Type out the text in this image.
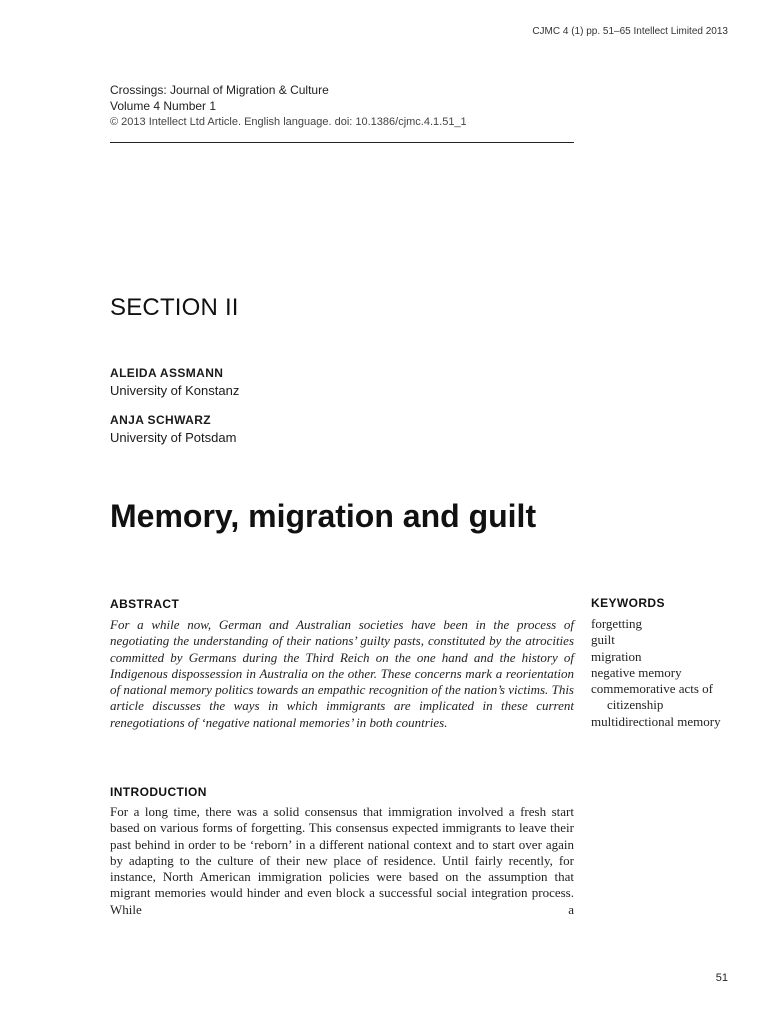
CJMC 4 (1) pp. 51–65 Intellect Limited 2013
Crossings: Journal of Migration & Culture
Volume 4 Number 1
© 2013 Intellect Ltd Article. English language. doi: 10.1386/cjmc.4.1.51_1
SECTION II
ALEIDA ASSMANN
University of Konstanz
ANJA SCHWARZ
University of Potsdam
Memory, migration and guilt
ABSTRACT

For a while now, German and Australian societies have been in the process of negotiating the understanding of their nations’ guilty pasts, constituted by the atrocities committed by Germans during the Third Reich on the one hand and the history of Indigenous dispossession in Australia on the other. These concerns mark a reorientation of national memory politics towards an empathic recognition of the nation’s victims. This article discusses the ways in which immigrants are implicated in these current renegotiations of ‘negative national memories’ in both countries.

KEYWORDS
forgetting
guilt
migration
negative memory
commemorative acts of citizenship
multidirectional memory
INTRODUCTION

For a long time, there was a solid consensus that immigration involved a fresh start based on various forms of forgetting. This consensus expected immigrants to leave their past behind in order to be ‘reborn’ in a different national context and to start over again by adapting to the culture of their new place of residence. Until fairly recently, for instance, North American immigration policies were based on the assumption that migrant memories would hinder and even block a successful social integration process. While a

51
